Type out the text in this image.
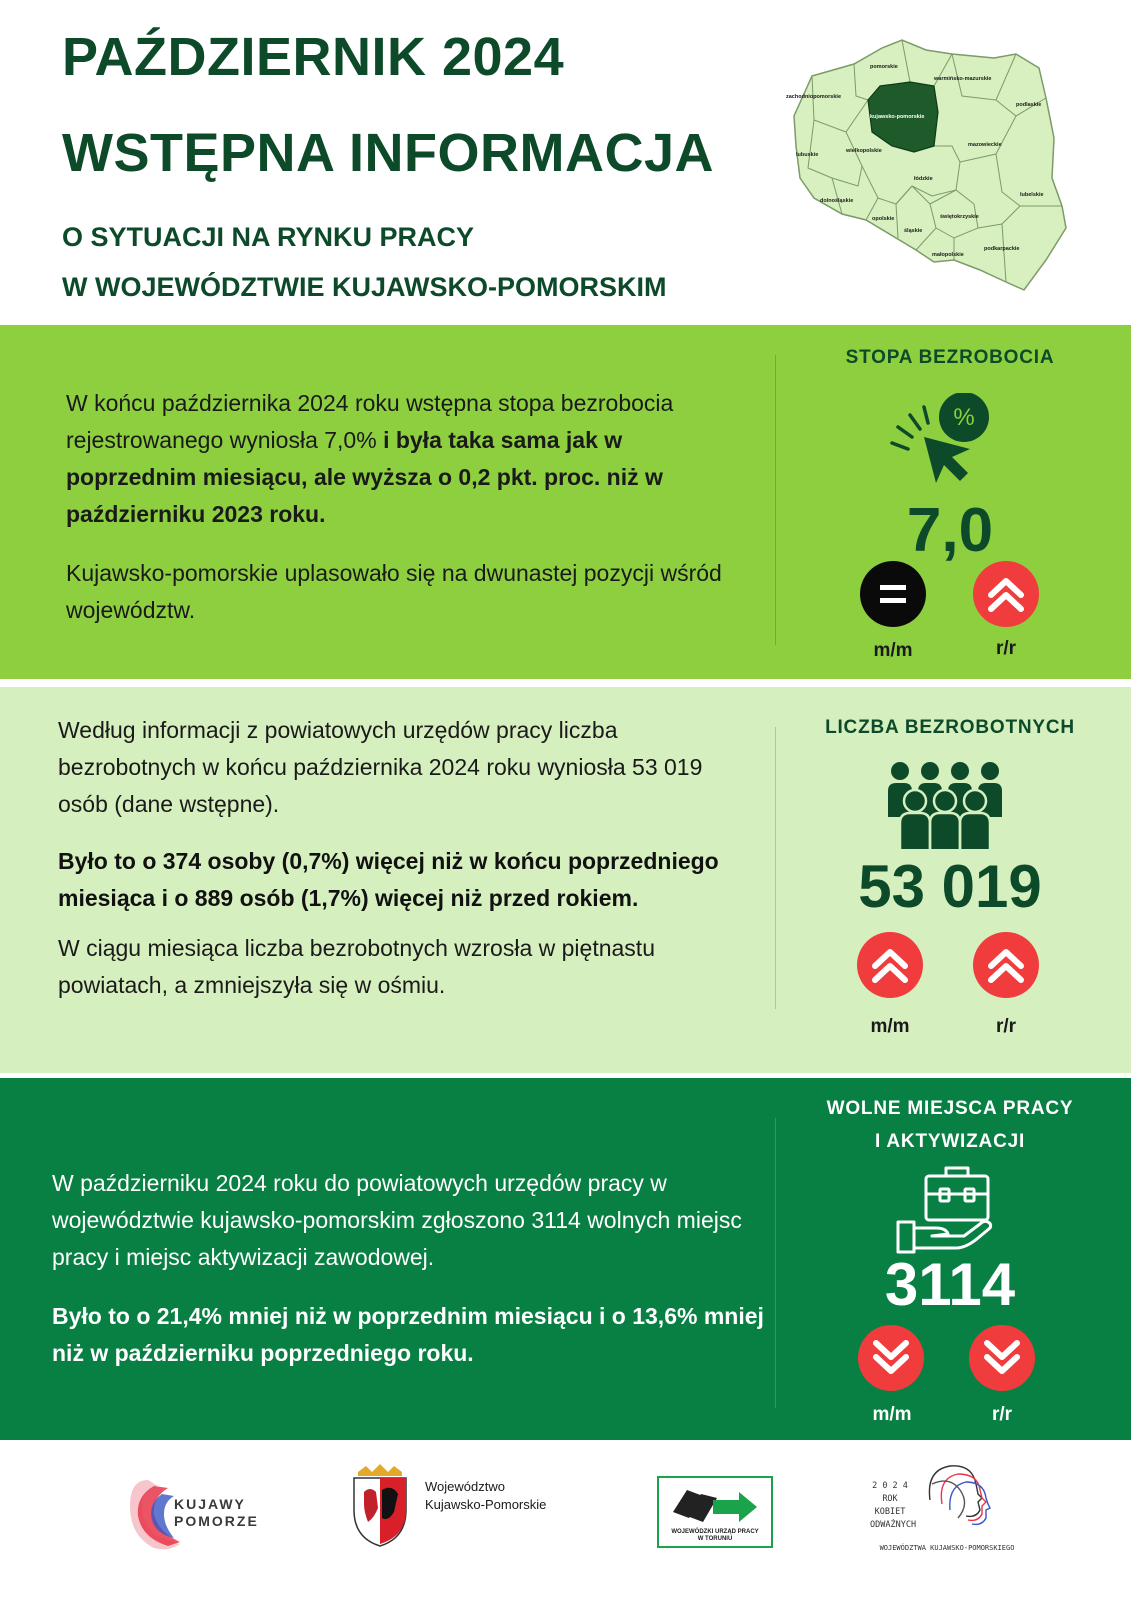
PAŹDZIERNIK 2024
WSTĘPNA INFORMACJA
O SYTUACJI NA RYNKU PRACY
W WOJEWÓDZTWIE KUJAWSKO-POMORSKIM
pomorskie
warmińsko-mazurskie
zachodniopomorskie
podlaskie
kujawsko-pomorskie
mazowieckie
lubuskie
wielkopolskie
łódzkie
lubelskie
dolnośląskie
opolskie	świętokrzyskie
śląskie
podkarpackie
małopolskie
W końcu października 2024 roku wstępna stopa bezrobocia rejestrowanego wyniosła 7,0% i była taka sama jak w poprzednim miesiącu, ale wyższa o 0,2 pkt. proc. niż w październiku 2023 roku.
Kujawsko-pomorskie uplasowało się na dwunastej pozycji wśród województw.
STOPA BEZROBOCIA
%
7,0
m/m	r/r
Według informacji z powiatowych urzędów pracy liczba bezrobotnych w końcu października 2024 roku wyniosła 53 019 osób (dane wstępne).
Było to o 374 osoby (0,7%) więcej niż w końcu poprzedniego miesiąca i o 889 osób (1,7%) więcej niż przed rokiem.
W ciągu miesiąca liczba bezrobotnych wzrosła w piętnastu powiatach, a zmniejszyła się w ośmiu.
LICZBA BEZROBOTNYCH
53 019
m/m	r/r
W październiku 2024 roku do powiatowych urzędów pracy w województwie kujawsko-pomorskim zgłoszono 3114 wolnych miejsc pracy i miejsc aktywizacji zawodowej.
Było to o 21,4% mniej niż w poprzednim miesiącu i o 13,6% mniej niż w październiku poprzedniego roku.
WOLNE MIEJSCA PRACY
I AKTYWIZACJI
3114
m/m	r/r
KUJAWY
POMORZE
Województwo
Kujawsko-Pomorskie
WOJEWÓDZKI URZĄD PRACY
W TORUNIU
2 0 2 4
ROK KOBIET
ODWAŻNYCH
WOJEWÓDZTWA KUJAWSKO-POMORSKIEGO
